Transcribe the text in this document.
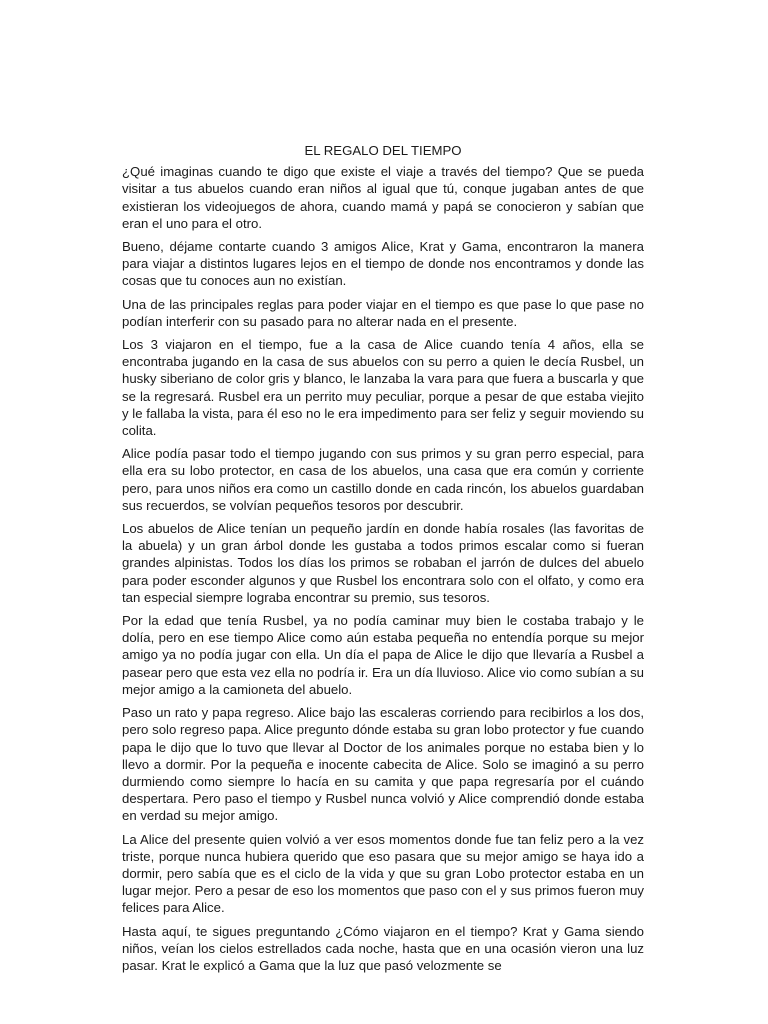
EL REGALO DEL TIEMPO

¿Qué imaginas cuando te digo que existe el viaje a través del tiempo? Que se pueda visitar a tus abuelos cuando eran niños al igual que tú, conque jugaban antes de que existieran los videojuegos de ahora, cuando mamá y papá se conocieron y sabían que eran el uno para el otro.

Bueno, déjame contarte cuando 3 amigos Alice, Krat y Gama, encontraron la manera para viajar a distintos lugares lejos en el tiempo de donde nos encontramos y donde las cosas que tu conoces aun no existían.

Una de las principales reglas para poder viajar en el tiempo es que pase lo que pase no podían interferir con su pasado para no alterar nada en el presente.

Los 3 viajaron en el tiempo, fue a la casa de Alice cuando tenía 4 años, ella se encontraba jugando en la casa de sus abuelos con su perro a quien le decía Rusbel, un husky siberiano de color gris y blanco, le lanzaba la vara para que fuera a buscarla y que se la regresará. Rusbel era un perrito muy peculiar, porque a pesar de que estaba viejito y le fallaba la vista, para él eso no le era impedimento para ser feliz y seguir moviendo su colita.

Alice podía pasar todo el tiempo jugando con sus primos y su gran perro especial, para ella era su lobo protector, en casa de los abuelos, una casa que era común y corriente pero, para unos niños era como un castillo donde en cada rincón, los abuelos guardaban sus recuerdos, se volvían pequeños tesoros por descubrir.

Los abuelos de Alice tenían un pequeño jardín en donde había rosales (las favoritas de la abuela) y un gran árbol donde les gustaba a todos primos escalar como si fueran grandes alpinistas. Todos los días los primos se robaban el jarrón de dulces del abuelo para poder esconder algunos y que Rusbel los encontrara solo con el olfato, y como era tan especial siempre lograba encontrar su premio, sus tesoros.

Por la edad que tenía Rusbel, ya no podía caminar muy bien le costaba trabajo y le dolía, pero en ese tiempo Alice como aún estaba pequeña no entendía porque su mejor amigo ya no podía jugar con ella. Un día el papa de Alice le dijo que llevaría a Rusbel a pasear pero que esta vez ella no podría ir. Era un día lluvioso. Alice vio como subían a su mejor amigo a la camioneta del abuelo.

Paso un rato y papa regreso. Alice bajo las escaleras corriendo para recibirlos a los dos, pero solo regreso papa. Alice pregunto dónde estaba su gran lobo protector y fue cuando papa le dijo que lo tuvo que llevar al Doctor de los animales porque no estaba bien y lo llevo a dormir. Por la pequeña e inocente cabecita de Alice. Solo se imaginó a su perro durmiendo como siempre lo hacía en su camita y que papa regresaría por el cuándo despertara. Pero paso el tiempo y Rusbel nunca volvió y Alice comprendió donde estaba en verdad su mejor amigo.

La Alice del presente quien volvió a ver esos momentos donde fue tan feliz pero a la vez triste, porque nunca hubiera querido que eso pasara que su mejor amigo se haya ido a dormir, pero sabía que es el ciclo de la vida y que su gran Lobo protector estaba en un lugar mejor. Pero a pesar de eso los momentos que paso con el y sus primos fueron muy felices para Alice.

Hasta aquí, te sigues preguntando ¿Cómo viajaron en el tiempo? Krat y Gama siendo niños, veían los cielos estrellados cada noche, hasta que en una ocasión vieron una luz pasar. Krat le explicó a Gama que la luz que pasó velozmente se
